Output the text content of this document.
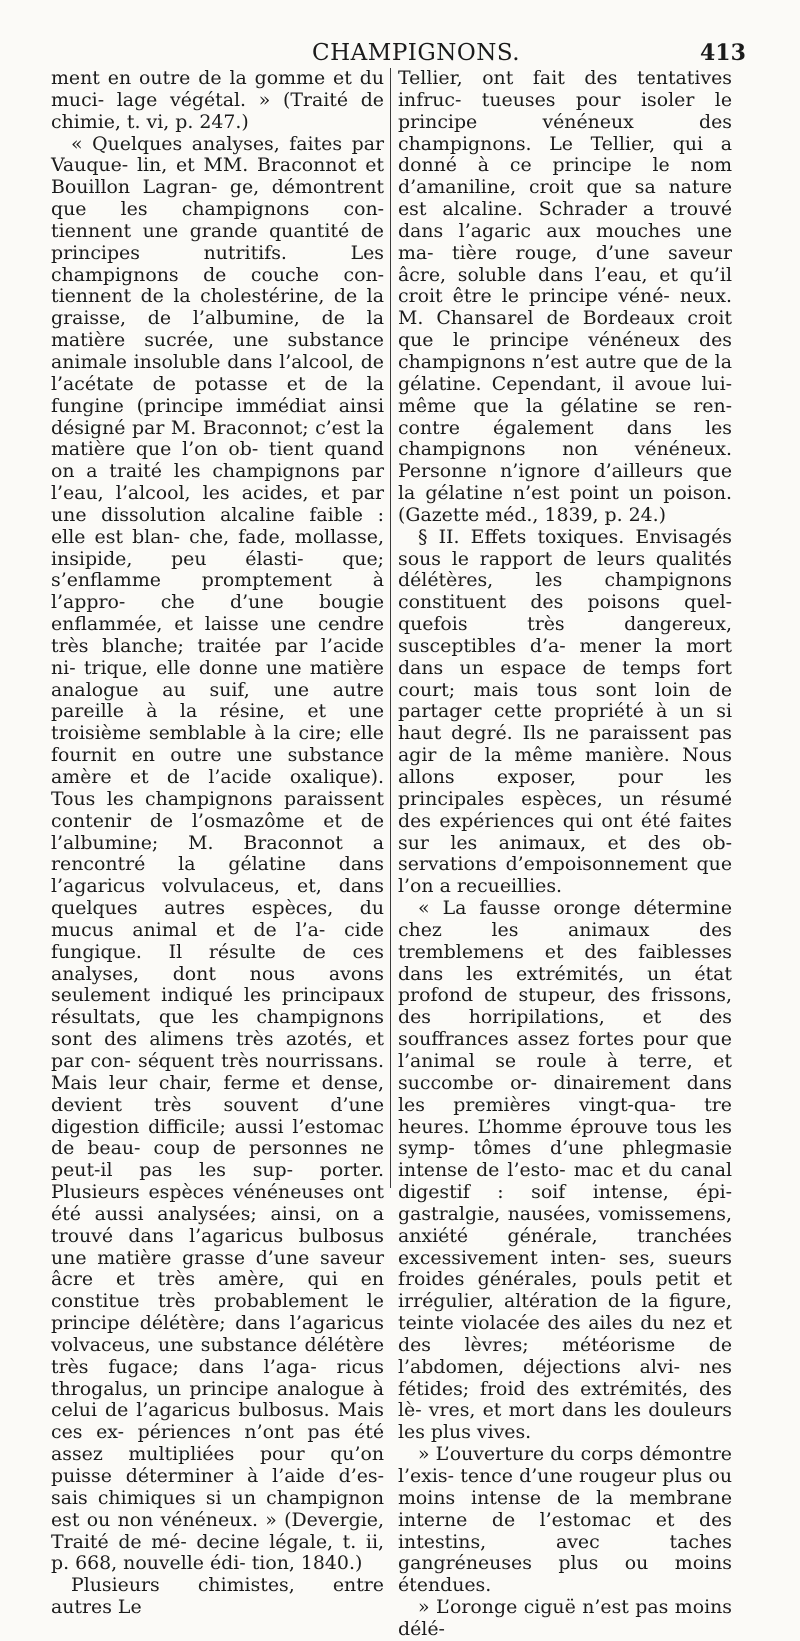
CHAMPIGNONS.	413

ment en outre de la gomme et du muci- lage végétal. » (Traité de chimie, t. vi, p. 247.)

« Quelques analyses, faites par Vauque- lin, et MM. Braconnot et Bouillon Lagran- ge, démontrent que les champignons con- tiennent une grande quantité de principes nutritifs. Les champignons de couche con- tiennent de la cholestérine, de la graisse, de l’albumine, de la matière sucrée, une substance animale insoluble dans l’alcool, de l’acétate de potasse et de la fungine (principe immédiat ainsi désigné par M. Braconnot; c’est la matière que l’on ob- tient quand on a traité les champignons par l’eau, l’alcool, les acides, et par une dissolution alcaline faible : elle est blan- che, fade, mollasse, insipide, peu élasti- que; s’enflamme promptement à l’appro- che d’une bougie enflammée, et laisse une cendre très blanche; traitée par l’acide ni- trique, elle donne une matière analogue au suif, une autre pareille à la résine, et une troisième semblable à la cire; elle fournit en outre une substance amère et de l’acide oxalique). Tous les champignons paraissent contenir de l’osmazôme et de l’albumine; M. Braconnot a rencontré la gélatine dans l’agaricus volvulaceus, et, dans quelques autres espèces, du mucus animal et de l’a- cide fungique. Il résulte de ces analyses, dont nous avons seulement indiqué les principaux résultats, que les champignons sont des alimens très azotés, et par con- séquent très nourrissans. Mais leur chair, ferme et dense, devient très souvent d’une digestion difficile; aussi l’estomac de beau- coup de personnes ne peut-il pas les sup- porter. Plusieurs espèces vénéneuses ont été aussi analysées; ainsi, on a trouvé dans l’agaricus bulbosus une matière grasse d’une saveur âcre et très amère, qui en constitue très probablement le principe délétère; dans l’agaricus volvaceus, une substance délétère très fugace; dans l’aga- ricus throgalus, un principe analogue à celui de l’agaricus bulbosus. Mais ces ex- périences n’ont pas été assez multipliées pour qu’on puisse déterminer à l’aide d’es- sais chimiques si un champignon est ou non vénéneux. » (Devergie, Traité de mé- decine légale, t. ii, p. 668, nouvelle édi- tion, 1840.)

Plusieurs chimistes, entre autres Le

Tellier, ont fait des tentatives infruc- tueuses pour isoler le principe vénéneux des champignons. Le Tellier, qui a donné à ce principe le nom d’amaniline, croit que sa nature est alcaline. Schrader a trouvé dans l’agaric aux mouches une ma- tière rouge, d’une saveur âcre, soluble dans l’eau, et qu’il croit être le principe véné- neux. M. Chansarel de Bordeaux croit que le principe vénéneux des champignons n’est autre que de la gélatine. Cependant, il avoue lui-même que la gélatine se ren- contre également dans les champignons non vénéneux. Personne n’ignore d’ailleurs que la gélatine n’est point un poison. (Gazette méd., 1839, p. 24.)

§ II. Effets toxiques. Envisagés sous le rapport de leurs qualités délétères, les champignons constituent des poisons quel- quefois très dangereux, susceptibles d’a- mener la mort dans un espace de temps fort court; mais tous sont loin de partager cette propriété à un si haut degré. Ils ne paraissent pas agir de la même manière. Nous allons exposer, pour les principales espèces, un résumé des expériences qui ont été faites sur les animaux, et des ob- servations d’empoisonnement que l’on a recueillies.

« La fausse oronge détermine chez les animaux des tremblemens et des faiblesses dans les extrémités, un état profond de stupeur, des frissons, des horripilations, et des souffrances assez fortes pour que l’animal se roule à terre, et succombe or- dinairement dans les premières vingt-qua- tre heures. L’homme éprouve tous les symp- tômes d’une phlegmasie intense de l’esto- mac et du canal digestif : soif intense, épi- gastralgie, nausées, vomissemens, anxiété générale, tranchées excessivement inten- ses, sueurs froides générales, pouls petit et irrégulier, altération de la figure, teinte violacée des ailes du nez et des lèvres; météorisme de l’abdomen, déjections alvi- nes fétides; froid des extrémités, des lè- vres, et mort dans les douleurs les plus vives.

» L’ouverture du corps démontre l’exis- tence d’une rougeur plus ou moins intense de la membrane interne de l’estomac et des intestins, avec taches gangréneuses plus ou moins étendues.

» L’oronge ciguë n’est pas moins délé-
